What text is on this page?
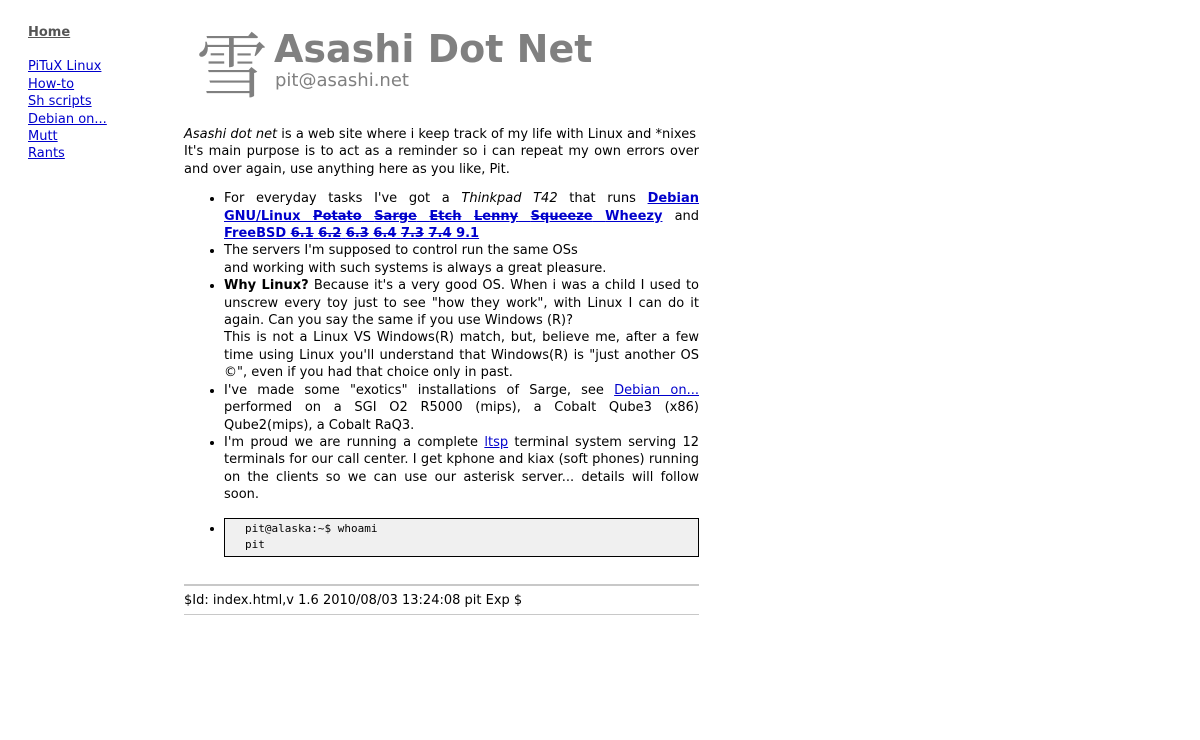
Home
PiTuX Linux
How-to
Sh scripts
Debian on...
Mutt
Rants
雪 Asashi Dot Net
pit@asashi.net

Asashi dot net is a web site where i keep track of my life with Linux and *nixes
It's main purpose is to act as a reminder so i can repeat my own errors over and over again, use anything here as you like, Pit.

• For everyday tasks I've got a Thinkpad T42 that runs Debian GNU/Linux Potato Sarge Etch Lenny Squeeze Wheezy and FreeBSD 6.1 6.2 6.3 6.4 7.3 7.4 9.1
• The servers I'm supposed to control run the same OSs
and working with such systems is always a great pleasure.
• Why Linux? Because it's a very good OS. When i was a child I used to unscrew every toy just to see "how they work", with Linux I can do it again. Can you say the same if you use Windows (R)?
This is not a Linux VS Windows(R) match, but, believe me, after a few time using Linux you'll understand that Windows(R) is "just another OS ©", even if you had that choice only in past.
• I've made some "exotics" installations of Sarge, see Debian on... performed on a SGI O2 R5000 (mips), a Cobalt Qube3 (x86) Qube2(mips), a Cobalt RaQ3.
• I'm proud we are running a complete ltsp terminal system serving 12 terminals for our call center. I get kphone and kiax (soft phones) running on the clients so we can use our asterisk server... details will follow soon.
• pit@alaska:~$ whoami
pit
$Id: index.html,v 1.6 2010/08/03 13:24:08 pit Exp $
